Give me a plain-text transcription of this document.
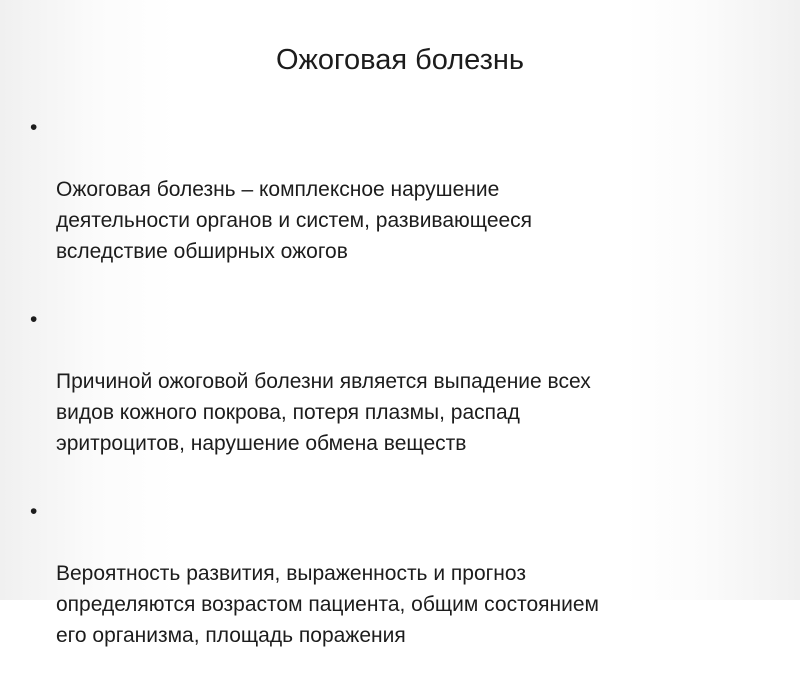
Ожоговая болезнь

•

Ожоговая болезнь – комплексное нарушение
деятельности органов и систем, развивающееся
вследствие обширных ожогов

•

Причиной ожоговой болезни является выпадение всех
видов кожного покрова, потеря плазмы, распад
эритроцитов, нарушение обмена веществ

•

Вероятность развития, выраженность и прогноз
определяются возрастом пациента, общим состоянием
его организма, площадь поражения
